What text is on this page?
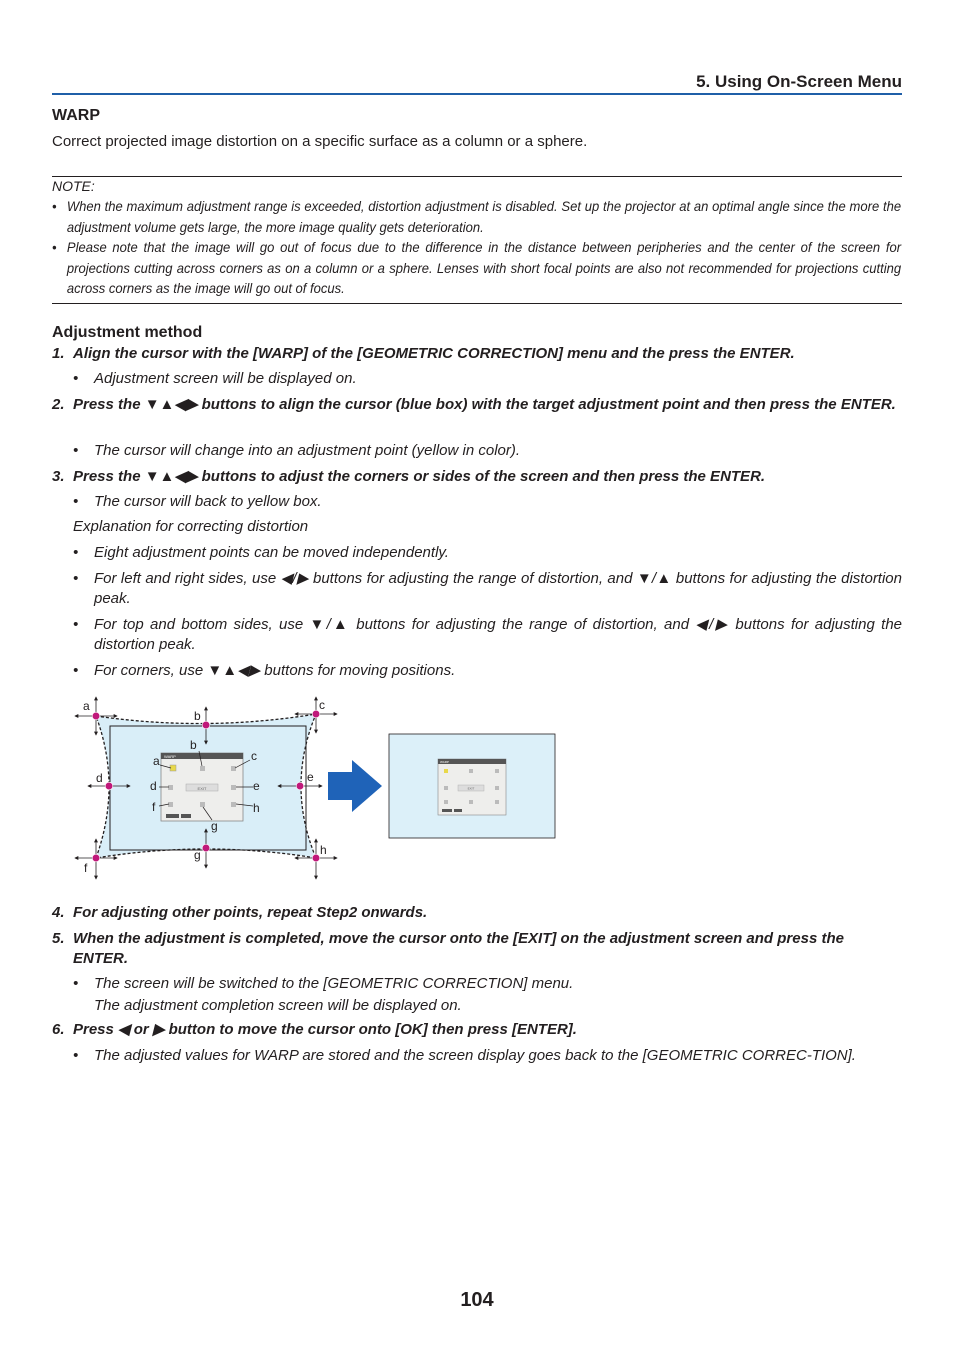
5. Using On-Screen Menu
WARP
Correct projected image distortion on a specific surface as a column or a sphere.
NOTE:
• When the maximum adjustment range is exceeded, distortion adjustment is disabled. Set up the projector at an optimal angle since the more the adjustment volume gets large, the more image quality gets deterioration.
• Please note that the image will go out of focus due to the difference in the distance between peripheries and the center of the screen for projections cutting across corners as on a column or a sphere. Lenses with short focal points are also not recommended for projections cutting across corners as the image will go out of focus.
Adjustment method
1. Align the cursor with the [WARP] of the [GEOMETRIC CORRECTION] menu and the press the ENTER.
• Adjustment screen will be displayed on.
2. Press the ▼▲◀▶ buttons to align the cursor (blue box) with the target adjustment point and then press the ENTER.
• The cursor will change into an adjustment point (yellow in color).
3. Press the ▼▲◀▶ buttons to adjust the corners or sides of the screen and then press the ENTER.
• The cursor will back to yellow box.
Explanation for correcting distortion
• Eight adjustment points can be moved independently.
• For left and right sides, use ◀/▶ buttons for adjusting the range of distortion, and ▼/▲ buttons for adjusting the distortion peak.
• For top and bottom sides, use ▼/▲ buttons for adjusting the range of distortion, and ◀/▶ buttons for adjusting the distortion peak.
• For corners, use ▼▲◀▶ buttons for moving positions.
WARP
EXIT
a
b
c
d	e
f
g	h
a
b
c
d	e
f
g
h
WARP
EXIT
4. For adjusting other points, repeat Step2 onwards.
5. When the adjustment is completed, move the cursor onto the [EXIT] on the adjustment screen and press the ENTER.
• The screen will be switched to the [GEOMETRIC CORRECTION] menu.
The adjustment completion screen will be displayed on.
6. Press ◀ or ▶ button to move the cursor onto [OK] then press [ENTER].
• The adjusted values for WARP are stored and the screen display goes back to the [GEOMETRIC CORREC-TION].
104
